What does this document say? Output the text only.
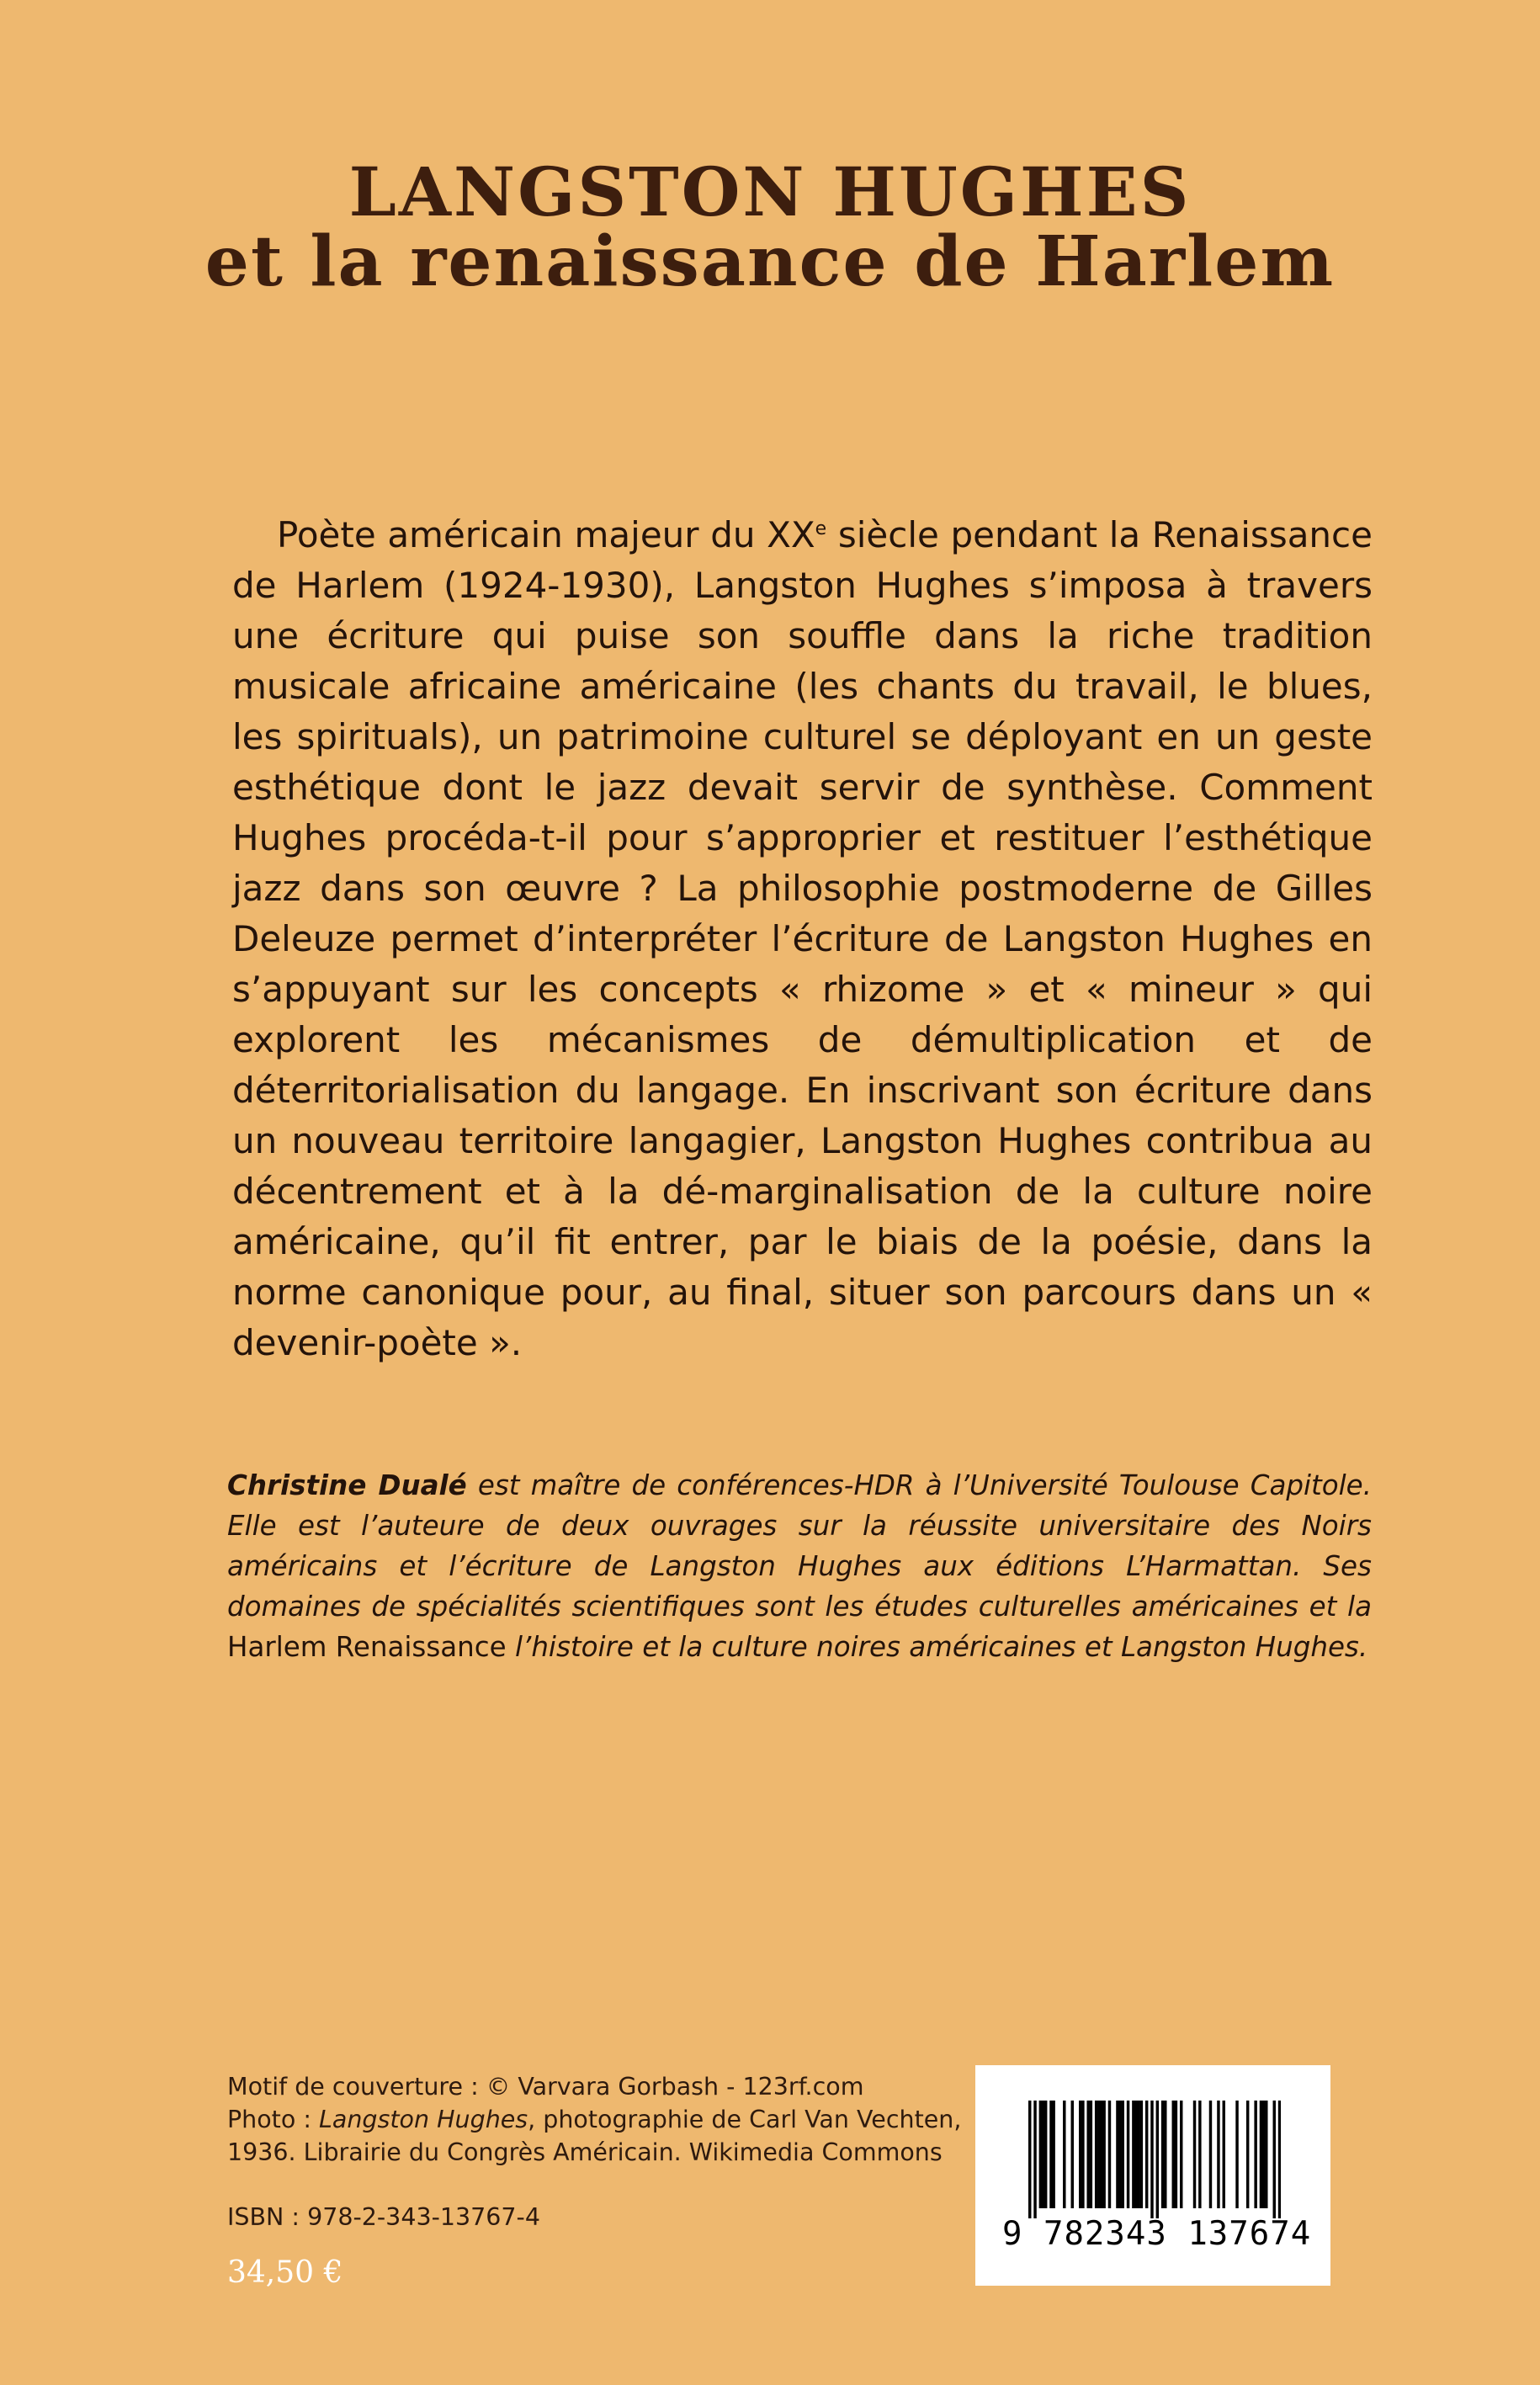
LANGSTON HUGHES
et la renaissance de Harlem

Poète américain majeur du XXe siècle pendant la Renaissance de Harlem (1924-1930), Langston Hughes s’imposa à travers une écriture qui puise son souffle dans la riche tradition musicale africaine américaine (les chants du travail, le blues, les spirituals), un patrimoine culturel se déployant en un geste esthétique dont le jazz devait servir de synthèse. Comment Hughes procéda-t-il pour s’approprier et restituer l’esthétique jazz dans son œuvre ? La philosophie postmoderne de Gilles Deleuze permet d’interpréter l’écriture de Langston Hughes en s’appuyant sur les concepts « rhizome » et « mineur » qui explorent les mécanismes de démultiplication et de déterritorialisation du langage. En inscrivant son écriture dans un nouveau territoire langagier, Langston Hughes contribua au décentrement et à la dé-marginalisation de la culture noire américaine, qu’il fit entrer, par le biais de la poésie, dans la norme canonique pour, au final, situer son parcours dans un « devenir-poète ».

Christine Dualé est maître de conférences-HDR à l’Université Toulouse Capitole. Elle est l’auteure de deux ouvrages sur la réussite universitaire des Noirs américains et l’écriture de Langston Hughes aux éditions L’Harmattan. Ses domaines de spécialités scientifiques sont les études culturelles américaines et la Harlem Renaissance l’histoire et la culture noires américaines et Langston Hughes.

Motif de couverture : © Varvara Gorbash - 123rf.com
Photo : Langston Hughes, photographie de Carl Van Vechten,
1936. Librairie du Congrès Américain. Wikimedia Commons
ISBN : 978-2-343-13767-4
34,50 €
9 782343 137674
